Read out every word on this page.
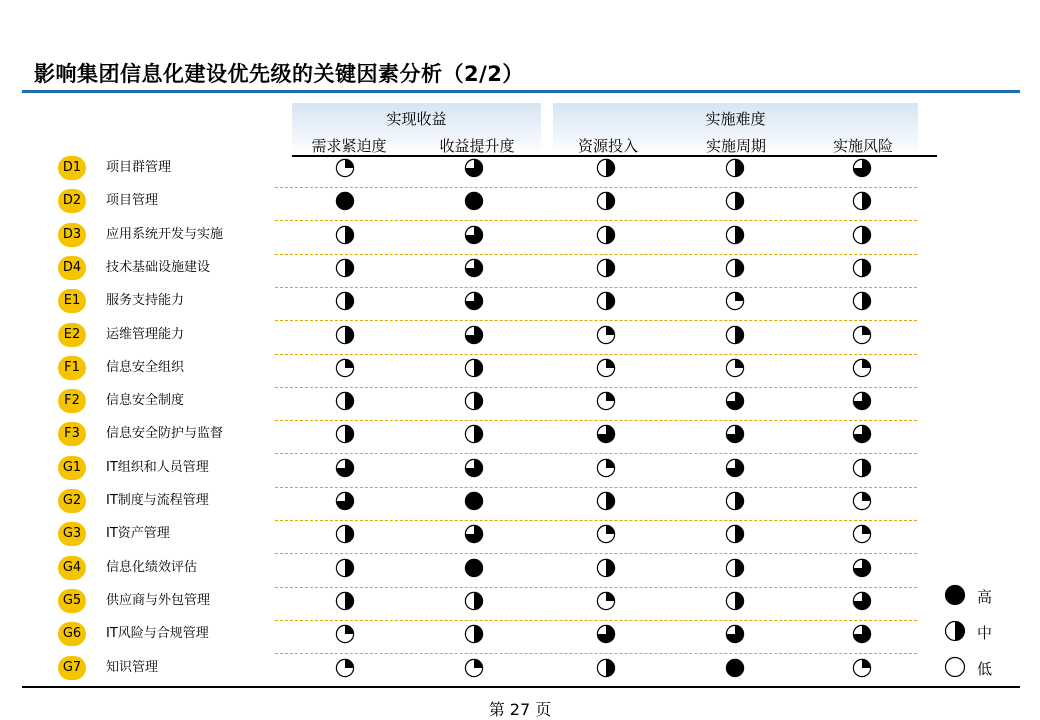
影响集团信息化建设优先级的关键因素分析（2/2）
实现收益	实施难度
需求紧迫度	收益提升度	资源投入	实施周期	实施风险
D1	项目群管理
D2	项目管理
D3	应用系统开发与实施
D4	技术基础设施建设
E1	服务支持能力
E2	运维管理能力
F1	信息安全组织
F2	信息安全制度
F3	信息安全防护与监督
G1	IT组织和人员管理
G2	IT制度与流程管理
G3	IT资产管理
G4	信息化绩效评估
G5	供应商与外包管理
G6	IT风险与合规管理
G7	知识管理
高
中
低
第 27 页
